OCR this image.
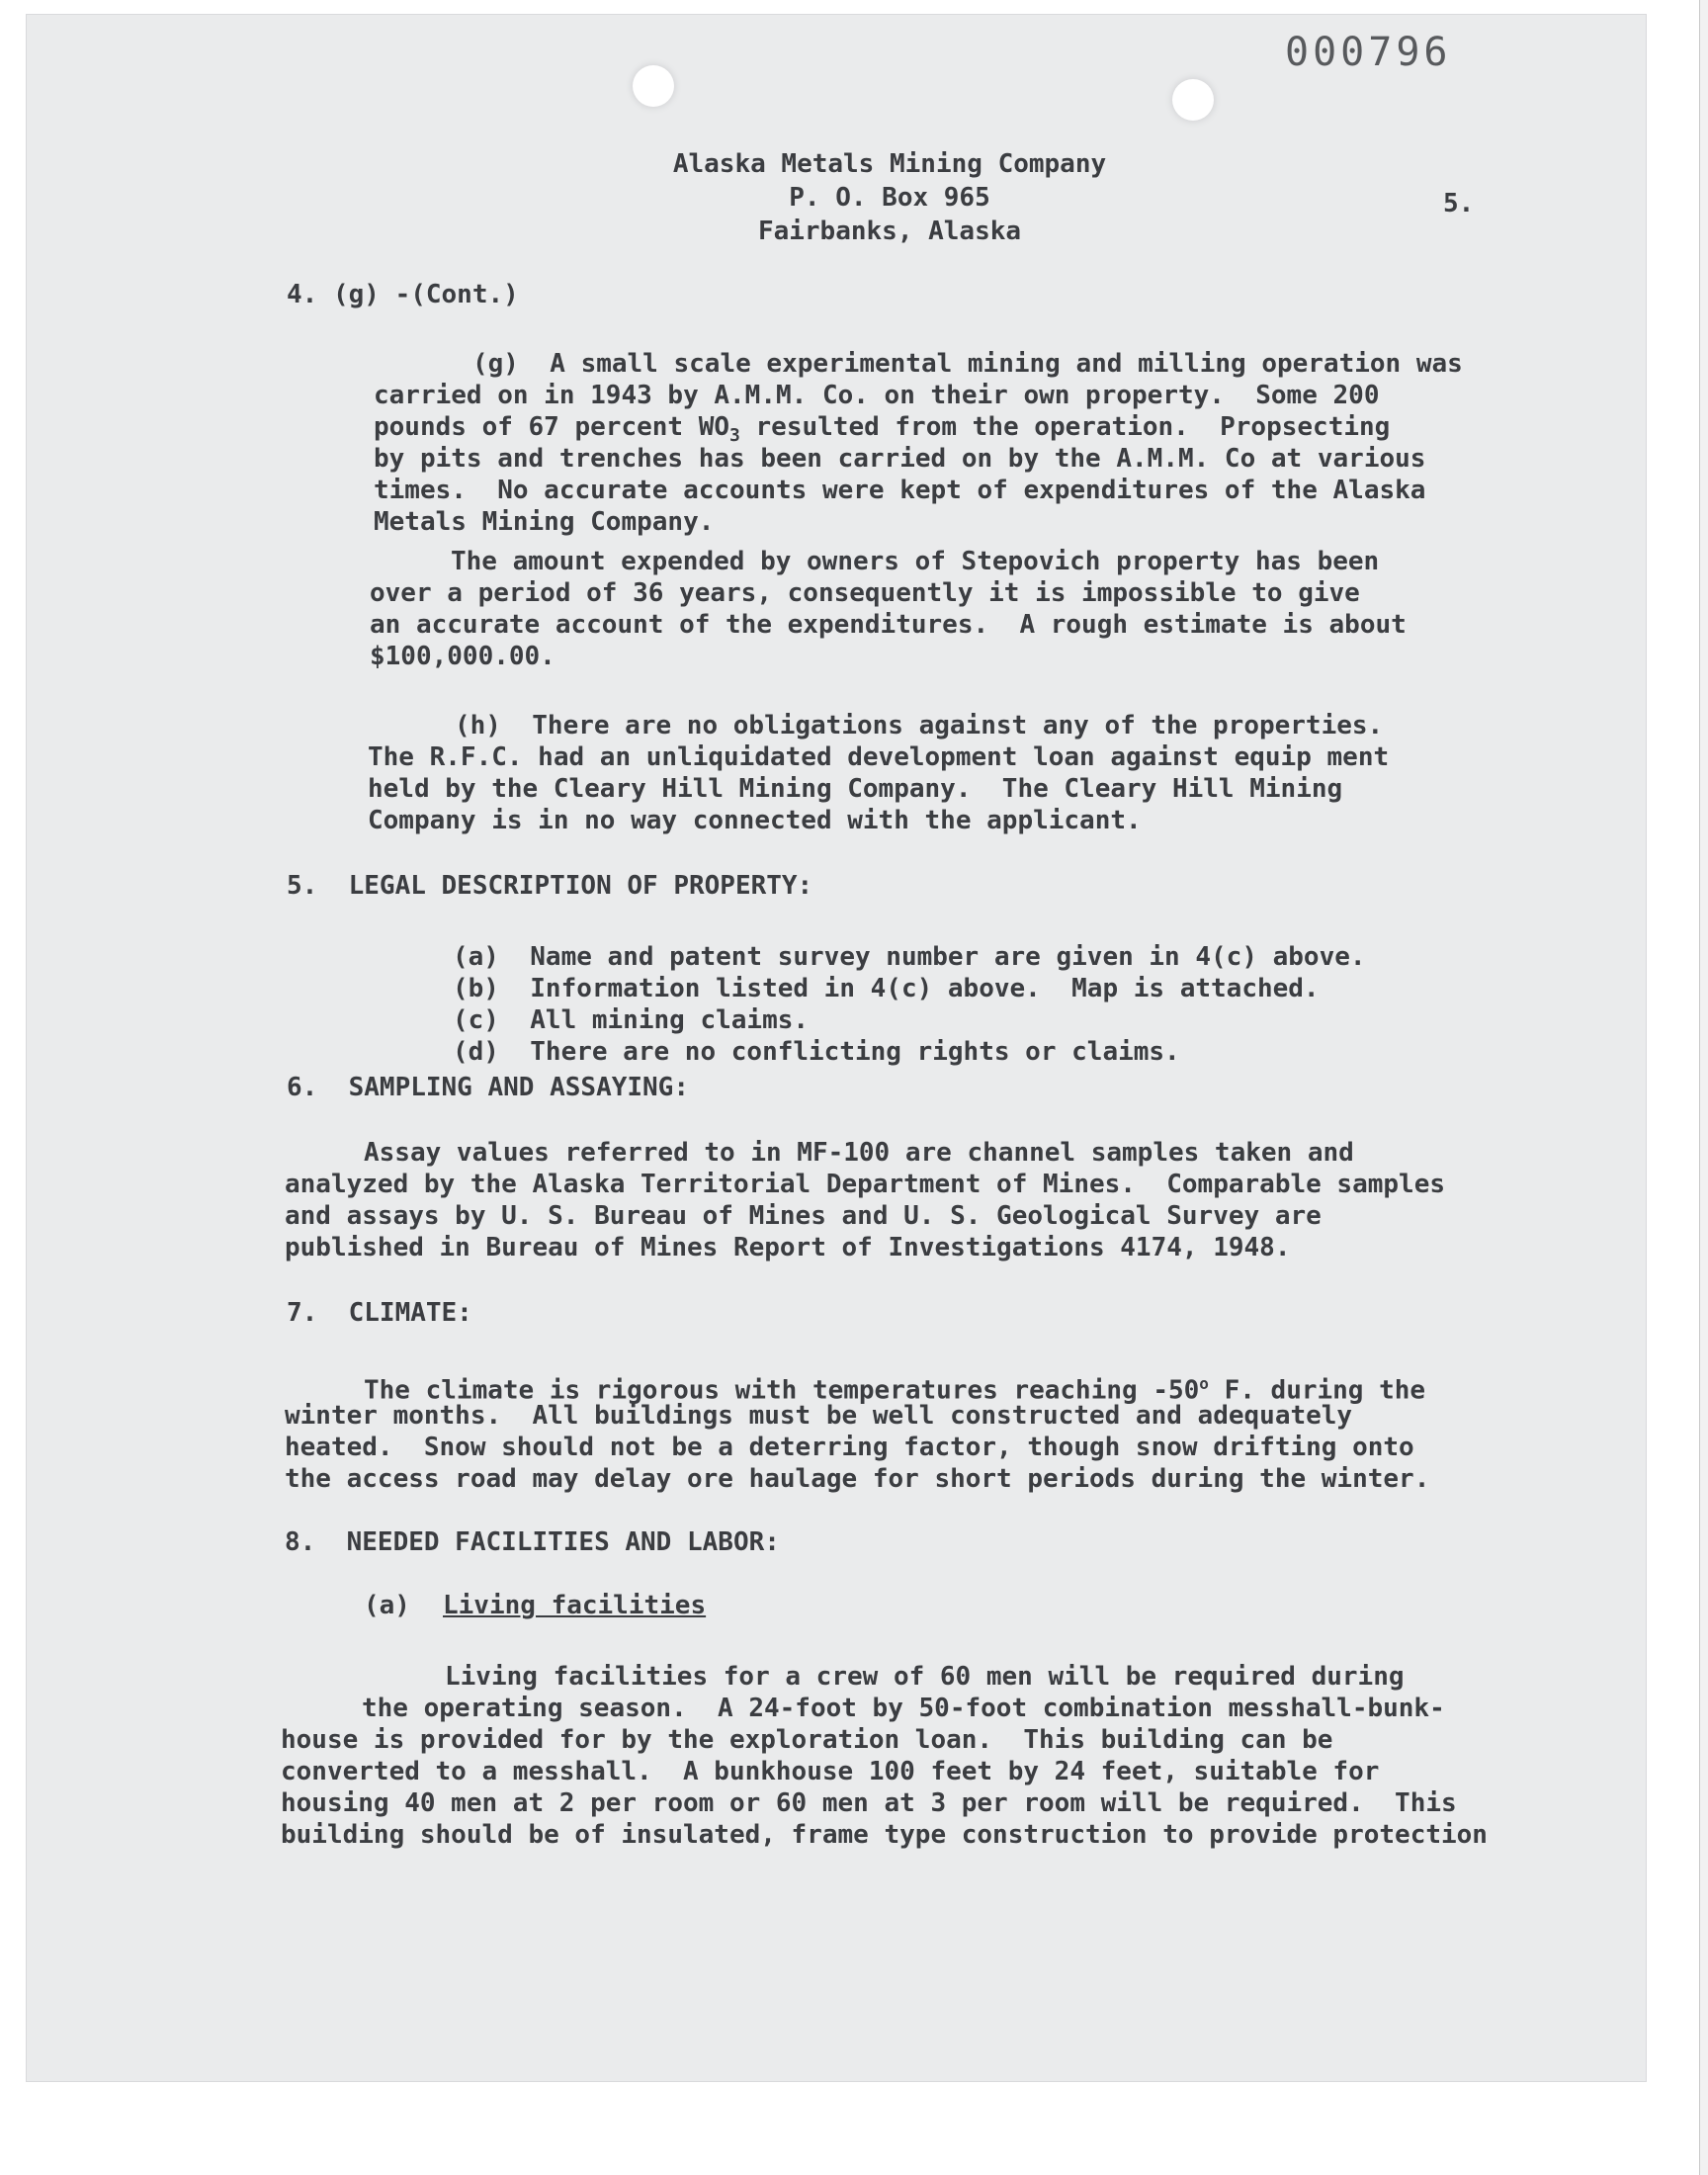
000796

Alaska Metals Mining Company

P. O. Box 965

Fairbanks, Alaska

5.

4. (g) -(Cont.)

(g)  A small scale experimental mining and milling operation was

carried on in 1943 by A.M.M. Co. on their own property.  Some 200

pounds of 67 percent $WO_3$ resulted from the operation.  Propsecting

by pits and trenches has been carried on by the A.M.M. Co at various

times.  No accurate accounts were kept of expenditures of the Alaska

Metals Mining Company.

The amount expended by owners of Stepovich property has been

over a period of 36 years, consequently it is impossible to give

an accurate account of the expenditures.  A rough estimate is about

$100,000.00.

(h)  There are no obligations against any of the properties.

The R.F.C. had an unliquidated development loan against equip ment

held by the Cleary Hill Mining Company.  The Cleary Hill Mining

Company is in no way connected with the applicant.

5.  LEGAL DESCRIPTION OF PROPERTY:

(a)  Name and patent survey number are given in 4(c) above.

(b)  Information listed in 4(c) above.  Map is attached.

(c)  All mining claims.

(d)  There are no conflicting rights or claims.

6.  SAMPLING AND ASSAYING:

Assay values referred to in MF-100 are channel samples taken and

analyzed by the Alaska Territorial Department of Mines.  Comparable samples

and assays by U. S. Bureau of Mines and U. S. Geological Survey are

published in Bureau of Mines Report of Investigations 4174, 1948.

7.  CLIMATE:

The climate is rigorous with temperatures reaching -50$^o$ F. during the

winter months.  All buildings must be well constructed and adequately

heated.  Snow should not be a deterring factor, though snow drifting onto

the access road may delay ore haulage for short periods during the winter.

8.  NEEDED FACILITIES AND LABOR:

(a)

Living facilities

Living facilities for a crew of 60 men will be required during

the operating season.  A 24-foot by 50-foot combination messhall-bunk-

house is provided for by the exploration loan.  This building can be

converted to a messhall.  A bunkhouse 100 feet by 24 feet, suitable for

housing 40 men at 2 per room or 60 men at 3 per room will be required.  This

building should be of insulated, frame type construction to provide protection
